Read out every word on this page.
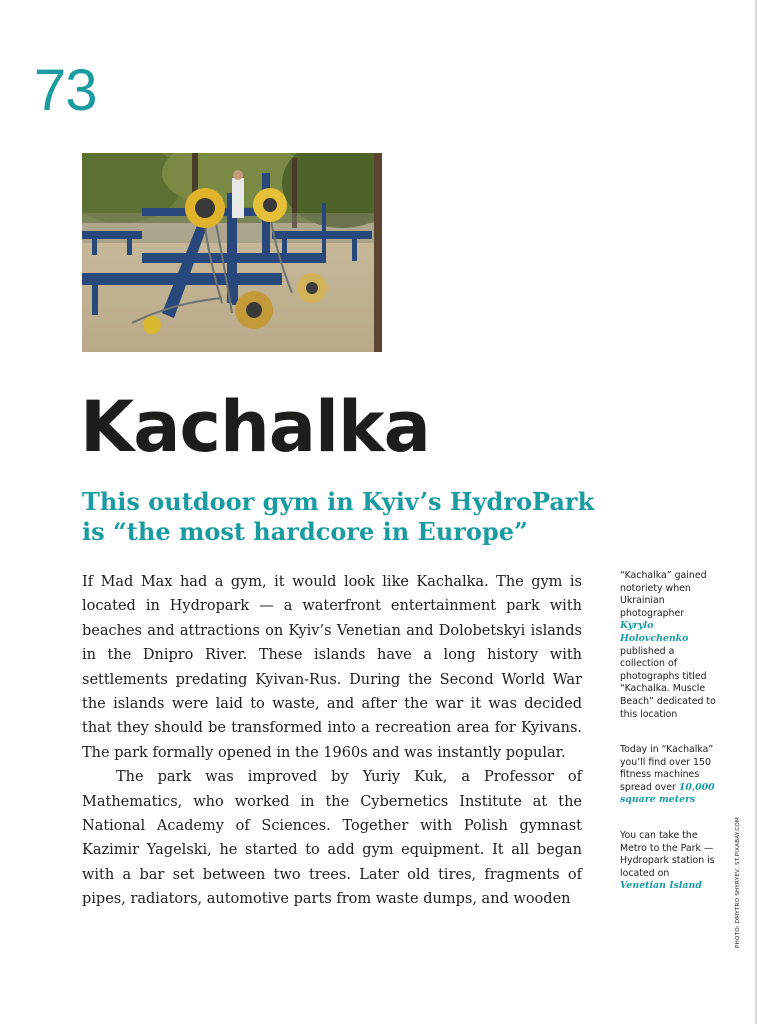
73
Kachalka
This outdoor gym in Kyiv’s HydroPark
is “the most hardcore in Europe”

If Mad Max had a gym, it would look like Kachalka. The gym is located in Hydropark — a waterfront entertainment park with beaches and attractions on Kyiv’s Venetian and Dolobetskyi islands in the Dnipro River. These islands have a long history with settlements predating Kyivan-Rus. During the Second World War the islands were laid to waste, and after the war it was decided that they should be transformed into a recreation area for Kyivans. The park formally opened in the 1960s and was instantly popular.

The park was improved by Yuriy Kuk, a Professor of Mathematics, who worked in the Cybernetics Institute at the National Academy of Sciences. Together with Polish gymnast Kazimir Yagelski, he started to add gym equipment. It all began with a bar set between two trees. Later old tires, fragments of pipes, radiators, automotive parts from waste dumps, and wooden

“Kachalka” gained notoriety when Ukrainian photographer Kyrylo Holovchenko published a collection of photographs titled “Kachalka. Muscle Beach” dedicated to this location
Today in “Kachalka” you’ll find over 150 fitness machines spread over 10,000 square meters
You can take the Metro to the Park — Hydropark station is located on Venetian Island	PHOTO: DMYTRO SHYRYEV, ST.PIXABAY.COM
